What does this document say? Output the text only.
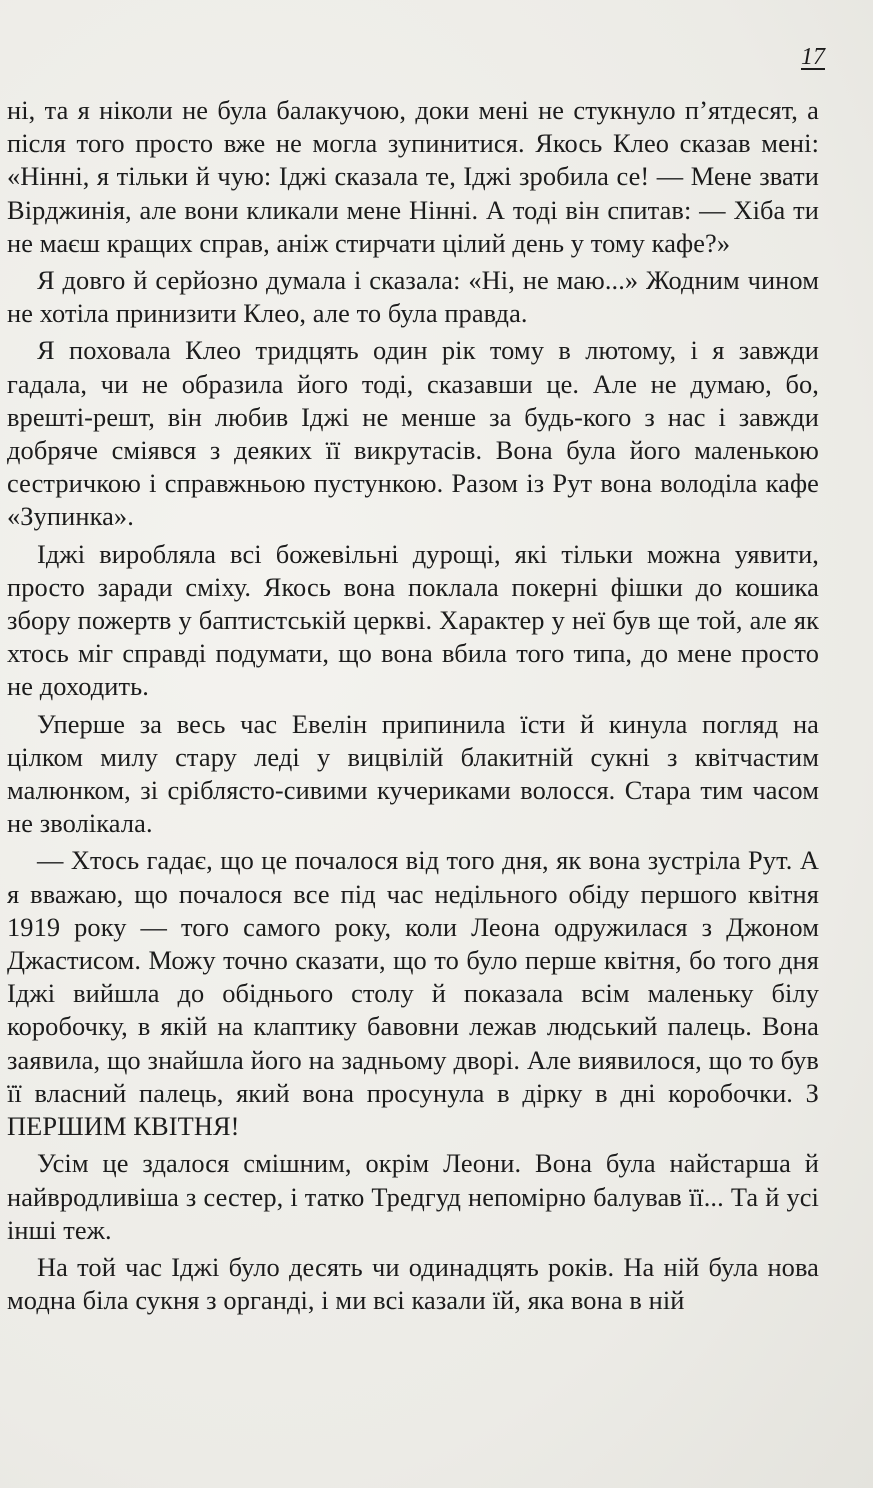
17

ні, та я ніколи не була балакучою, доки мені не стукнуло п’ятдесят, а після того просто вже не могла зупинитися. Якось Клео сказав мені: «Нінні, я тільки й чую: Іджі сказала те, Іджі зробила се! — Мене звати Вірджинія, але вони кликали мене Нінні. А тоді він спитав: — Хіба ти не маєш кращих справ, аніж стирчати цілий день у тому кафе?»

Я довго й серйозно думала і сказала: «Ні, не маю...» Жодним чином не хотіла принизити Клео, але то була правда.

Я поховала Клео тридцять один рік тому в лютому, і я завжди гадала, чи не образила його тоді, сказавши це. Але не думаю, бо, врешті-решт, він любив Іджі не менше за будь-кого з нас і завжди добряче сміявся з деяких її викрутасів. Вона була його маленькою сестричкою і справжньою пустункою. Разом із Рут вона володіла кафе «Зупинка».

Іджі виробляла всі божевільні дурощі, які тільки можна уявити, просто заради сміху. Якось вона поклала покерні фішки до кошика збору пожертв у баптистській церкві. Характер у неї був ще той, але як хтось міг справді подумати, що вона вбила того типа, до мене просто не доходить.

Уперше за весь час Евелін припинила їсти й кинула погляд на цілком милу стару леді у вицвілій блакитній сукні з квітчастим малюнком, зі сріблясто-сивими кучериками волосся. Стара тим часом не зволікала.

— Хтось гадає, що це почалося від того дня, як вона зустріла Рут. А я вважаю, що почалося все під час недільного обіду першого квітня 1919 року — того самого року, коли Леона одружилася з Джоном Джастисом. Можу точно сказати, що то було перше квітня, бо того дня Іджі вийшла до обіднього столу й показала всім маленьку білу коробочку, в якій на клаптику бавовни лежав людський палець. Вона заявила, що знайшла його на задньому дворі. Але виявилося, що то був її власний палець, який вона просунула в дірку в дні коробочки. З ПЕРШИМ КВІТНЯ!

Усім це здалося смішним, окрім Леони. Вона була найстарша й найвродливіша з сестер, і татко Тредгуд непомірно балував її... Та й усі інші теж.

На той час Іджі було десять чи одинадцять років. На ній була нова модна біла сукня з органді, і ми всі казали їй, яка вона в ній
